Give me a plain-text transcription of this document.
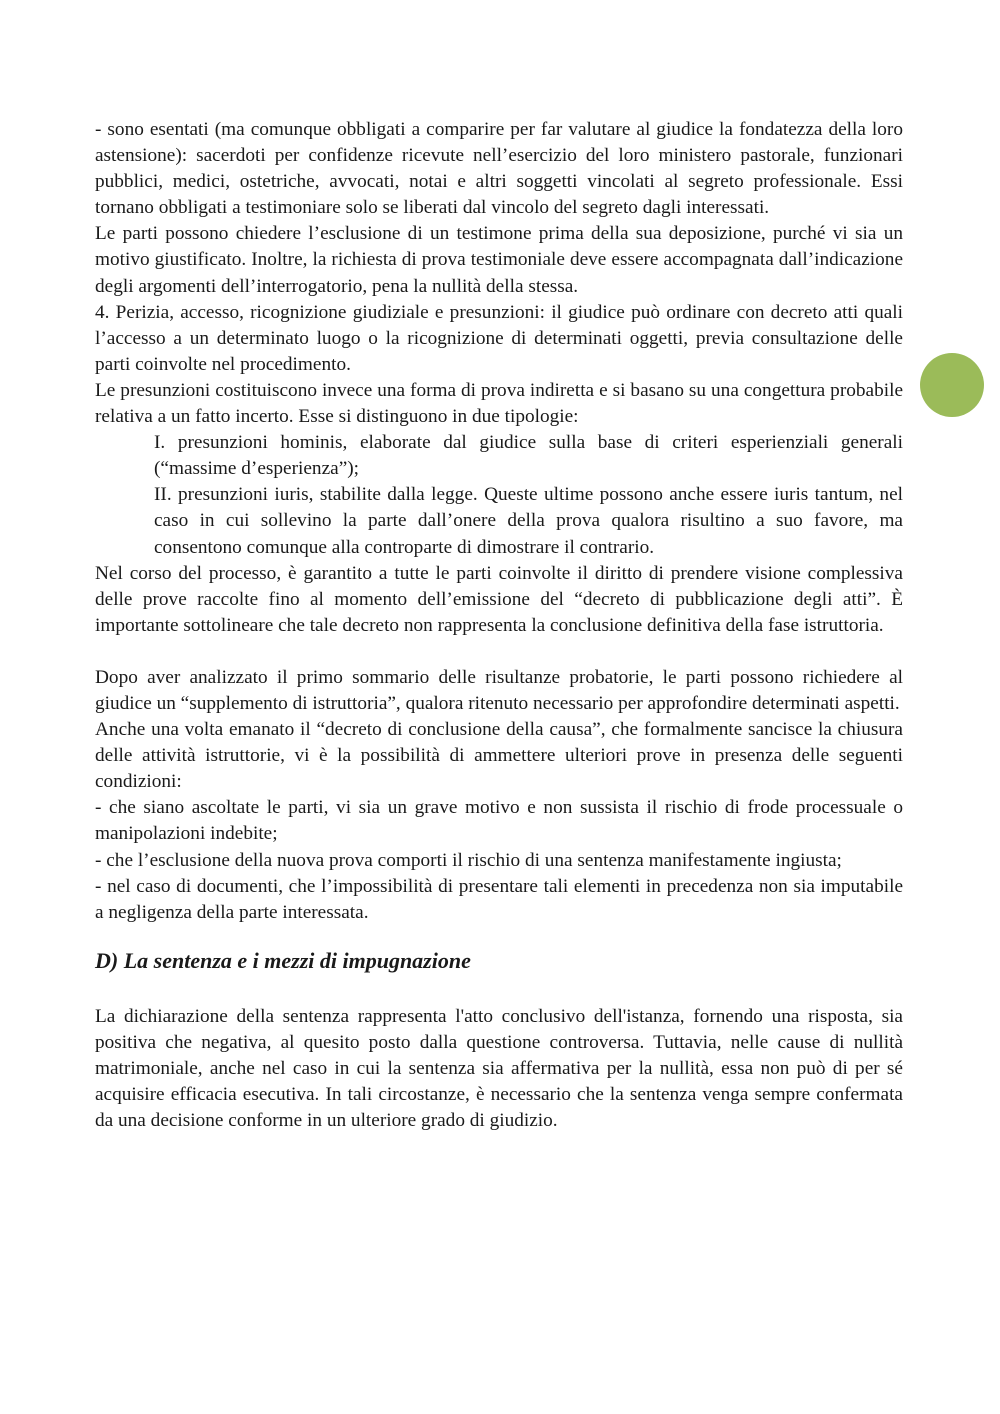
- sono esentati (ma comunque obbligati a comparire per far valutare al giudice la fondatezza della loro astensione): sacerdoti per confidenze ricevute nell’esercizio del loro ministero pastorale, funzionari pubblici, medici, ostetriche, avvocati, notai e altri soggetti vincolati al segreto professionale. Essi tornano obbligati a testimoniare solo se liberati dal vincolo del segreto dagli interessati.

Le parti possono chiedere l’esclusione di un testimone prima della sua deposizione, purché vi sia un motivo giustificato. Inoltre, la richiesta di prova testimoniale deve essere accompagnata dall’indicazione degli argomenti dell’interrogatorio, pena la nullità della stessa.

4. Perizia, accesso, ricognizione giudiziale e presunzioni: il giudice può ordinare con decreto atti quali l’accesso a un determinato luogo o la ricognizione di determinati oggetti, previa consultazione delle parti coinvolte nel procedimento.

Le presunzioni costituiscono invece una forma di prova indiretta e si basano su una congettura probabile relativa a un fatto incerto. Esse si distinguono in due tipologie:

I. presunzioni hominis, elaborate dal giudice sulla base di criteri esperienziali generali (“massime d’esperienza”);

II. presunzioni iuris, stabilite dalla legge. Queste ultime possono anche essere iuris tantum, nel caso in cui sollevino la parte dall’onere della prova qualora risultino a suo favore, ma consentono comunque alla controparte di dimostrare il contrario.

Nel corso del processo, è garantito a tutte le parti coinvolte il diritto di prendere visione complessiva delle prove raccolte fino al momento dell’emissione del “decreto di pubblicazione degli atti”. È importante sottolineare che tale decreto non rappresenta la conclusione definitiva della fase istruttoria.

Dopo aver analizzato il primo sommario delle risultanze probatorie, le parti possono richiedere al giudice un “supplemento di istruttoria”, qualora ritenuto necessario per approfondire determinati aspetti.

Anche una volta emanato il “decreto di conclusione della causa”, che formalmente sancisce la chiusura delle attività istruttorie, vi è la possibilità di ammettere ulteriori prove in presenza delle seguenti condizioni:

- che siano ascoltate le parti, vi sia un grave motivo e non sussista il rischio di frode processuale o manipolazioni indebite;

- che l’esclusione della nuova prova comporti il rischio di una sentenza manifestamente ingiusta;

- nel caso di documenti, che l’impossibilità di presentare tali elementi in precedenza non sia imputabile a negligenza della parte interessata.

D) La sentenza e i mezzi di impugnazione

La dichiarazione della sentenza rappresenta l'atto conclusivo dell'istanza, fornendo una risposta, sia positiva che negativa, al quesito posto dalla questione controversa. Tuttavia, nelle cause di nullità matrimoniale, anche nel caso in cui la sentenza sia affermativa per la nullità, essa non può di per sé acquisire efficacia esecutiva. In tali circostanze, è necessario che la sentenza venga sempre confermata da una decisione conforme in un ulteriore grado di giudizio.
